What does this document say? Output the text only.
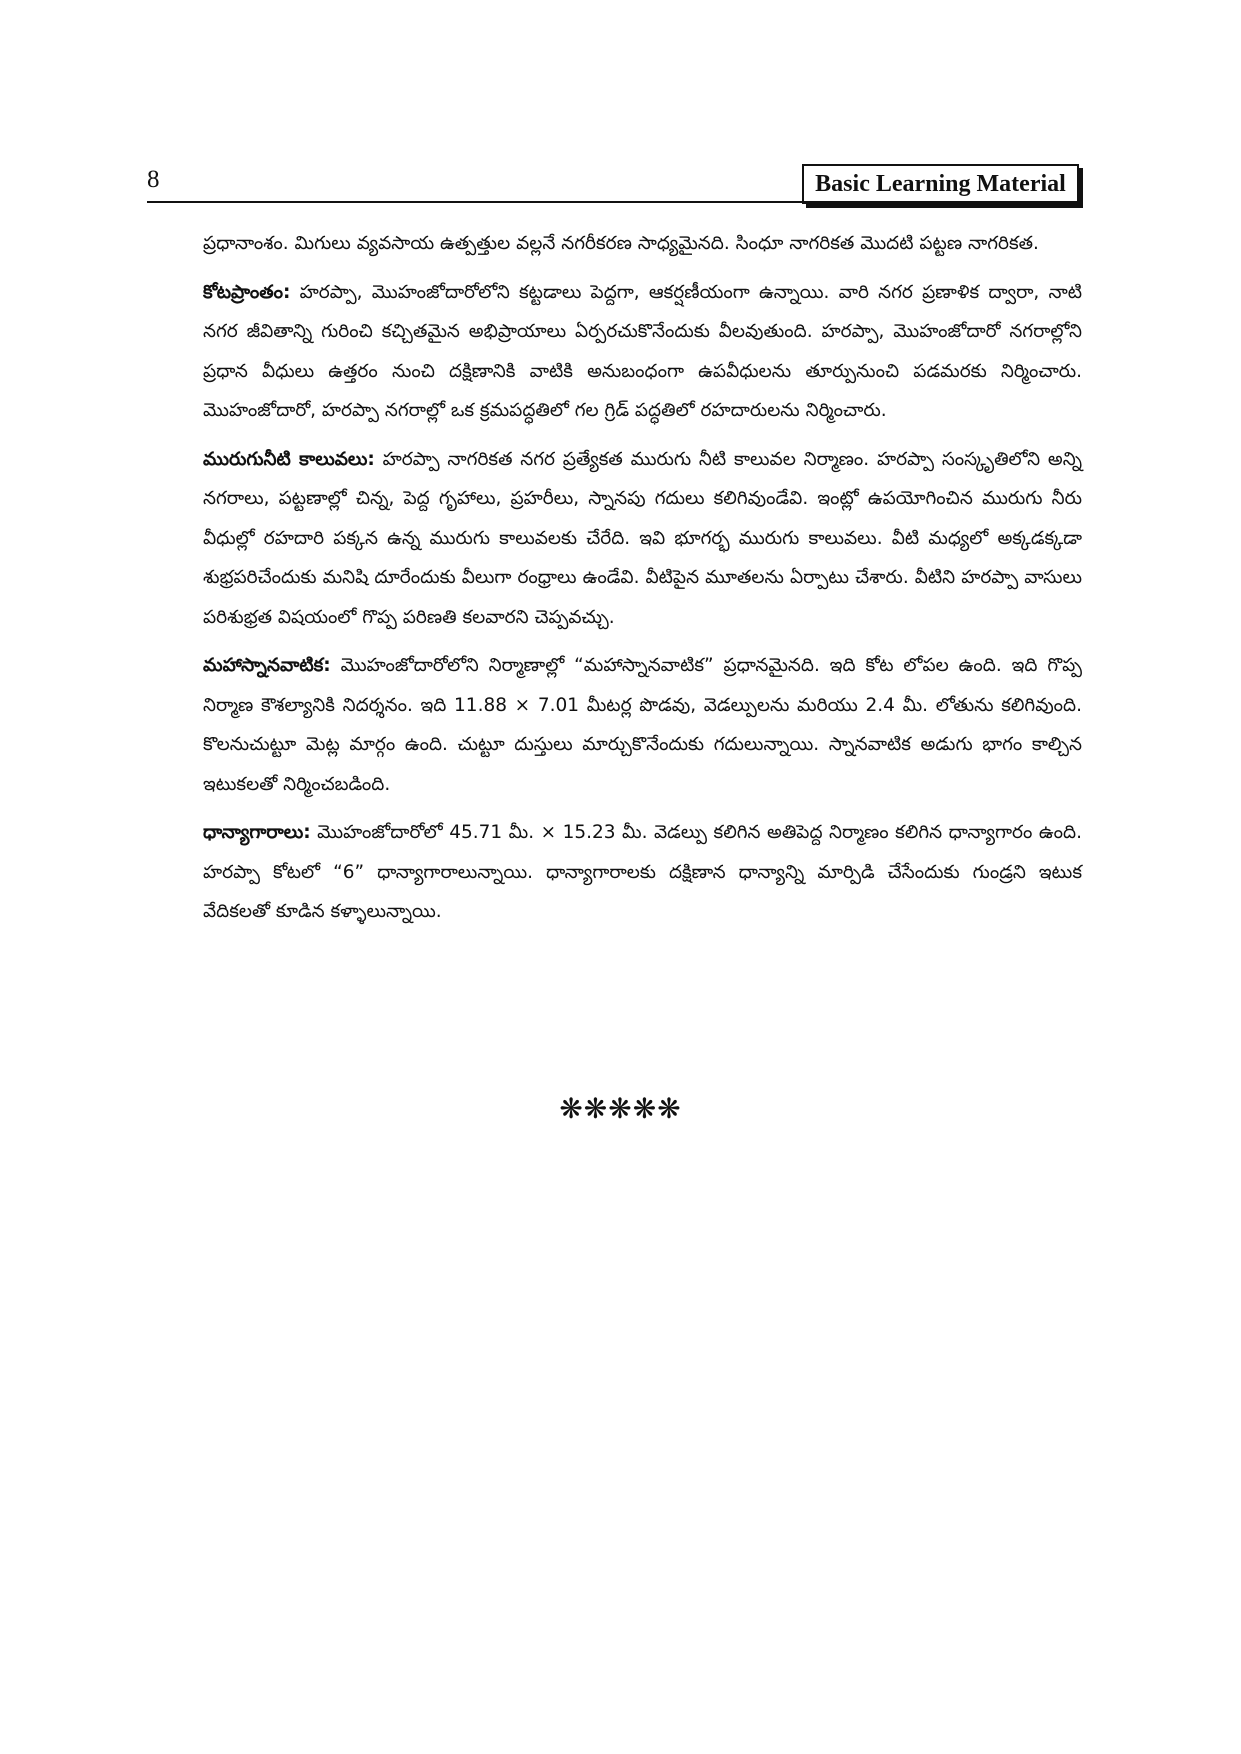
8	Basic Learning Material

ప్రధానాంశం. మిగులు వ్యవసాయ ఉత్పత్తుల వల్లనే నగరీకరణ సాధ్యమైనది. సింధూ నాగరికత మొదటి పట్టణ నాగరికత.

కోటప్రాంతం: హరప్పా, మొహంజోదారోలోని కట్టడాలు పెద్దగా, ఆకర్షణీయంగా ఉన్నాయి. వారి నగర ప్రణాళిక ద్వారా, నాటి నగర జీవితాన్ని గురించి కచ్చితమైన అభిప్రాయాలు ఏర్పరచుకొనేందుకు వీలవుతుంది. హరప్పా, మొహంజోదారో నగరాల్లోని ప్రధాన వీధులు ఉత్తరం నుంచి దక్షిణానికి వాటికి అనుబంధంగా ఉపవీధులను తూర్పునుంచి పడమరకు నిర్మించారు. మొహంజోదారో, హరప్పా నగరాల్లో ఒక క్రమపద్ధతిలో గల గ్రిడ్ పద్ధతిలో రహదారులను నిర్మించారు.

మురుగునీటి కాలువలు: హరప్పా నాగరికత నగర ప్రత్యేకత మురుగు నీటి కాలువల నిర్మాణం. హరప్పా సంస్కృతిలోని అన్ని నగరాలు, పట్టణాల్లో చిన్న, పెద్ద గృహాలు, ప్రహరీలు, స్నానపు గదులు కలిగివుండేవి. ఇంట్లో ఉపయోగించిన మురుగు నీరు వీధుల్లో రహదారి పక్కన ఉన్న మురుగు కాలువలకు చేరేది. ఇవి భూగర్భ మురుగు కాలువలు. వీటి మధ్యలో అక్కడక్కడా శుభ్రపరిచేందుకు మనిషి దూరేందుకు వీలుగా రంధ్రాలు ఉండేవి. వీటిపైన మూతలను ఏర్పాటు చేశారు. వీటిని హరప్పా వాసులు పరిశుభ్రత విషయంలో గొప్ప పరిణతి కలవారని చెప్పవచ్చు.

మహాస్నానవాటిక: మొహంజోదారోలోని నిర్మాణాల్లో “మహాస్నానవాటిక” ప్రధానమైనది. ఇది కోట లోపల ఉంది. ఇది గొప్ప నిర్మాణ కౌశల్యానికి నిదర్శనం. ఇది 11.88 × 7.01 మీటర్ల పొడవు, వెడల్పులను మరియు 2.4 మీ. లోతును కలిగివుంది. కొలనుచుట్టూ మెట్ల మార్గం ఉంది. చుట్టూ దుస్తులు మార్చుకొనేందుకు గదులున్నాయి. స్నానవాటిక అడుగు భాగం కాల్చిన ఇటుకలతో నిర్మించబడింది.

ధాన్యాగారాలు: మొహంజోదారోలో 45.71 మీ. × 15.23 మీ. వెడల్పు కలిగిన అతిపెద్ద నిర్మాణం కలిగిన ధాన్యాగారం ఉంది. హరప్పా కోటలో “6” ధాన్యాగారాలున్నాయి. ధాన్యాగారాలకు దక్షిణాన ధాన్యాన్ని మార్పిడి చేసేందుకు గుండ్రని ఇటుక వేదికలతో కూడిన కళ్ళాలున్నాయి.

❋❋❋❋❋
